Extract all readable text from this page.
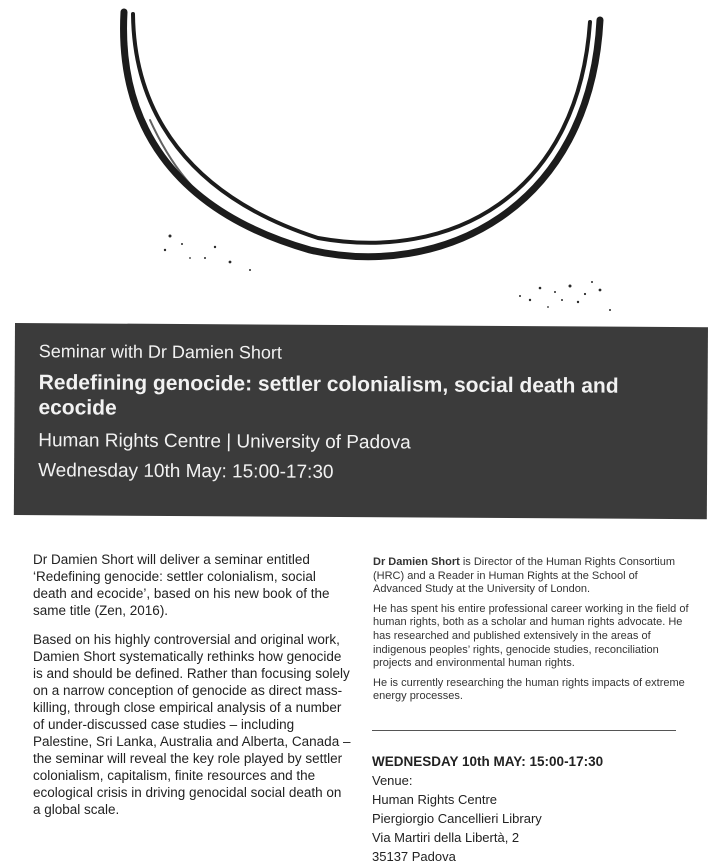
Seminar with Dr Damien Short
Redefining genocide: settler colonialism, social death and ecocide
Human Rights Centre | University of Padova
Wednesday 10th May: 15:00-17:30

Dr Damien Short will deliver a seminar entitled ‘Redefining genocide: settler colonialism, social death and ecocide’, based on his new book of the same title (Zen, 2016).

Based on his highly controversial and original work, Damien Short systematically rethinks how genocide is and should be defined. Rather than focusing solely on a narrow conception of genocide as direct mass-killing, through close empirical analysis of a number of under-discussed case studies – including Palestine, Sri Lanka, Australia and Alberta, Canada – the seminar will reveal the key role played by settler colonialism, capitalism, finite resources and the ecological crisis in driving genocidal social death on a global scale.

Dr Damien Short is Director of the Human Rights Consortium (HRC) and a Reader in Human Rights at the School of Advanced Study at the University of London.

He has spent his entire professional career working in the field of human rights, both as a scholar and human rights advocate. He has researched and published extensively in the areas of indigenous peoples’ rights, genocide studies, reconciliation projects and environmental human rights.

He is currently researching the human rights impacts of extreme energy processes.

WEDNESDAY 10th MAY: 15:00-17:30
Venue:
Human Rights Centre
Piergiorgio Cancellieri Library
Via Martiri della Libertà, 2
35137 Padova
